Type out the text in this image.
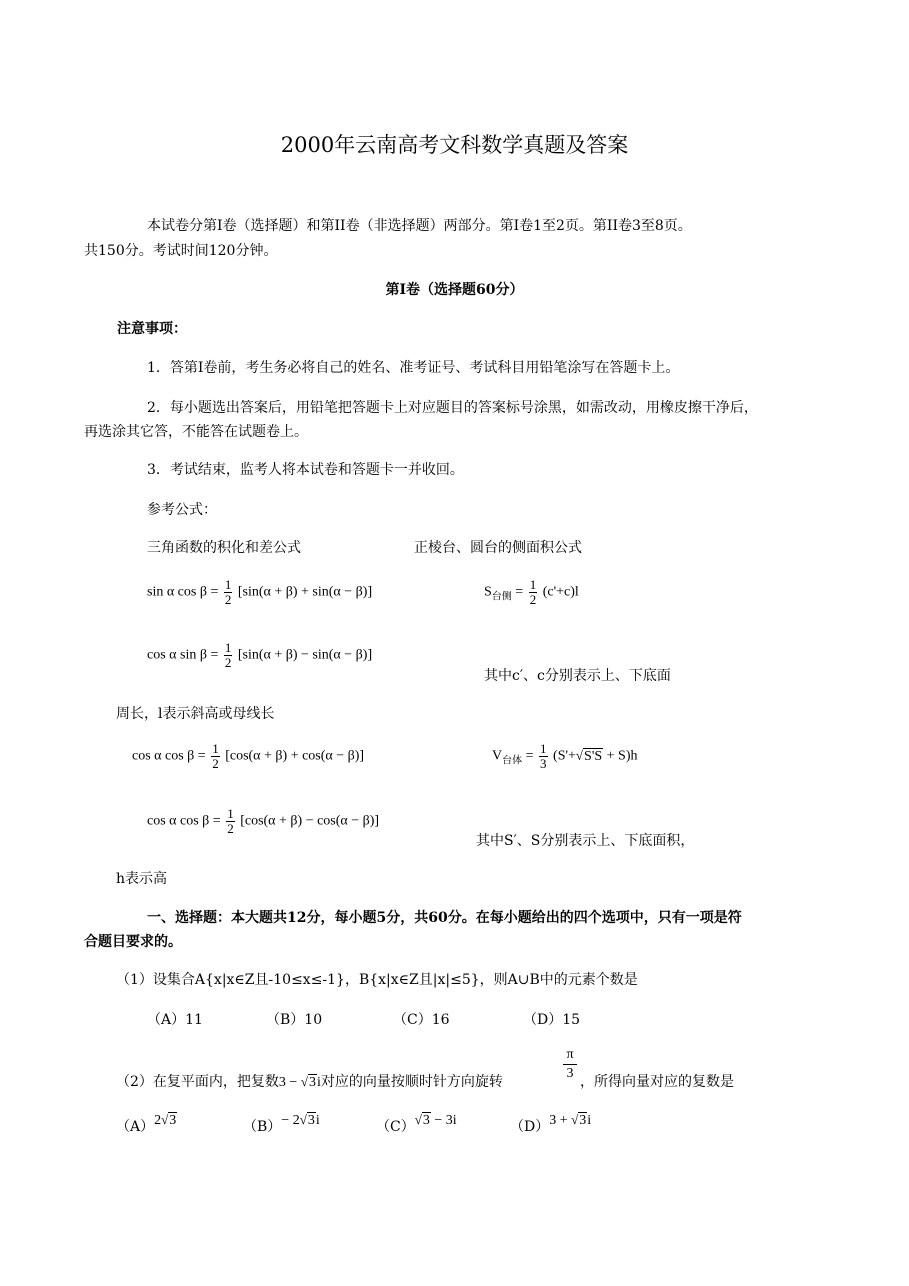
2000年云南高考文科数学真题及答案
本试卷分第Ⅰ卷（选择题）和第II卷（非选择题）两部分。第Ⅰ卷1至2页。第II卷3至8页。
共150分。考试时间120分钟。
第Ⅰ卷（选择题60分）
注意事项：
1．答第Ⅰ卷前，考生务必将自己的姓名、准考证号、考试科目用铅笔涂写在答题卡上。
2．每小题选出答案后，用铅笔把答题卡上对应题目的答案标号涂黑，如需改动，用橡皮擦干净后，
再选涂其它答，不能答在试题卷上。
3．考试结束，监考人将本试卷和答题卡一并收回。
参考公式：
三角函数的积化和差公式	正棱台、圆台的侧面积公式
sin α $\cos \beta = \frac{1}{2} [\sin(\alpha + \beta) + \sin(\alpha - \beta)]$	$S_{台侧} = \frac{1}{2} (c'+c)l$
cos α $\sin \beta = \frac{1}{2} [\sin(\alpha + \beta) - \sin(\alpha - \beta)]$
其中c′、c分别表示上、下底面
周长，l表示斜高或母线长
cos α $\cos \beta = \frac{1}{2} [\cos(\alpha + \beta) + \cos(\alpha - \beta)]$	$V_{台体} = \frac{1}{3} (S'+√S'S + S)h$
cos α $\cos \beta = \frac{1}{2} [\cos(\alpha + \beta) - \cos(\alpha - \beta)]$
其中S′、S分别表示上、下底面积，
h表示高
一、选择题：本大题共12分，每小题5分，共60分。在每小题给出的四个选项中，只有一项是符
合题目要求的。
（1）设集合A{x|x∈Z且-10≤x≤-1}，B{x|x∈Z且|x|≤5}，则A∪B中的元素个数是
（A）11	（B）10	（C）16	（D）15
（2）在复平面内，把复数3 − √3i对应的向量按顺时针方向旋转
π
3
，所得向量对应的复数是
（A）2√3	（B）− 2√3i	（C）√3 − 3i	（D）3 + √3i
